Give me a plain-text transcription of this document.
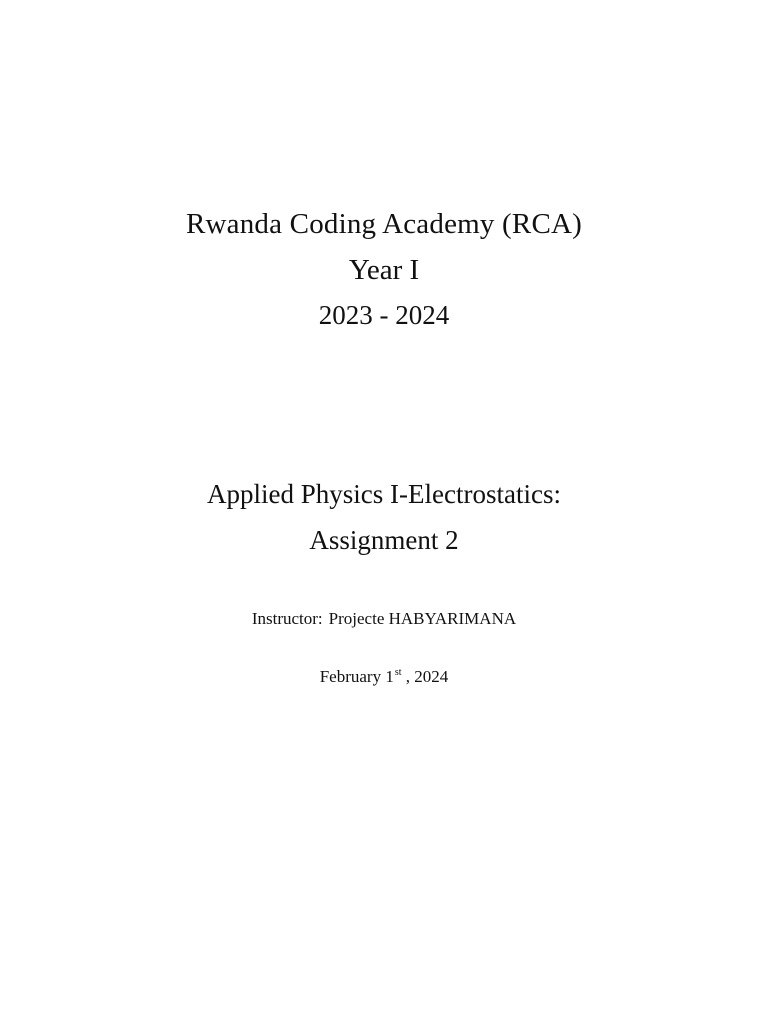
Rwanda Coding Academy (RCA)
Year I
2023 - 2024
Applied Physics I-Electrostatics:
Assignment 2
Instructor: Projecte HABYARIMANA
February 1st , 2024
